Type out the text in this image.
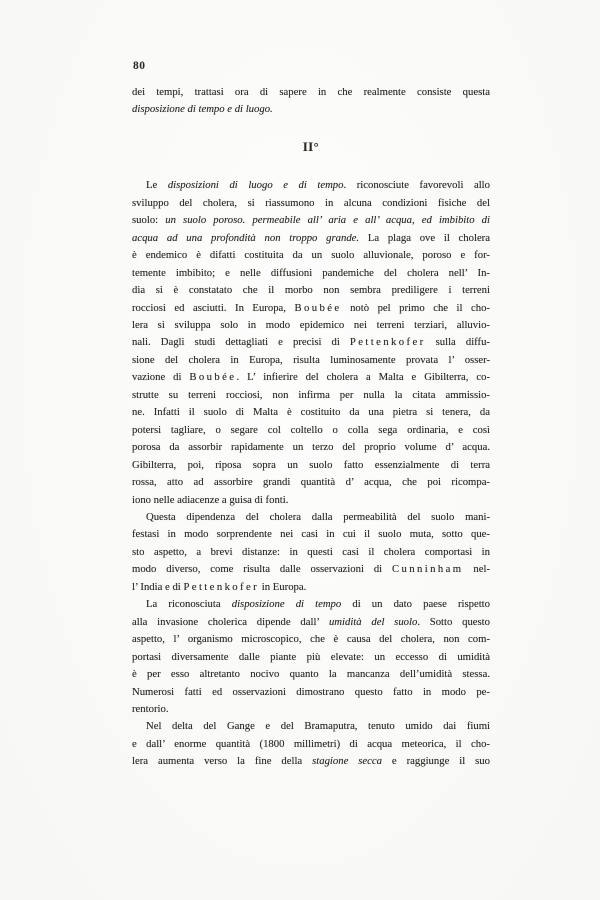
80
dei tempi, trattasi ora di sapere in che realmente consiste questa
disposizione di tempo e di luogo.
II°
Le disposizioni di luogo e di tempo. riconosciute favorevoli allo
sviluppo del cholera, si riassumono in alcuna condizioni fisiche del
suolo: un suolo poroso. permeabile all’ aria e all’ acqua, ed imbibito di
acqua ad una profondità non troppo grande. La plaga ove il cholera
è endemico è difatti costituita da un suolo alluvionale, poroso e for-
temente imbibito; e nelle diffusioni pandemiche del cholera nell’ In-
dia si è constatato che il morbo non sembra prediligere i terreni
rocciosi ed asciutti. In Europa, Boubée notò pel primo che il cho-
lera si sviluppa solo in modo epidemico nei terreni terziari, alluvio-
nali. Dagli studi dettagliati e precisi di Pettenkofer sulla diffu-
sione del cholera in Europa, risulta luminosamente provata l’ osser-
vazione di Boubée. L’ infierire del cholera a Malta e Gibilterra, co-
strutte su terreni rocciosi, non infirma per nulla la citata ammissio-
ne. Infatti il suolo di Malta è costituito da una pietra si tenera, da
potersi tagliare, o segare col coltello o colla sega ordinaria, e così
porosa da assorbir rapidamente un terzo del proprio volume d’ acqua.
Gibilterra, poi, riposa sopra un suolo fatto essenzialmente di terra
rossa, atto ad assorbire grandi quantità d’ acqua, che poi ricompa-
iono nelle adiacenze a guisa di fonti.
Questa dipendenza del cholera dalla permeabilità del suolo mani-
festasi in modo sorprendente nei casi in cui il suolo muta, sotto que-
sto aspetto, a brevi distanze: in questi casi il cholera comportasi in
modo diverso, come risulta dalle osservazioni di Cunninham nel-
l’ India e di Pettenkofer in Europa.
La riconosciuta disposizione di tempo di un dato paese rispetto
alla invasione cholerica dipende dall’ umidità del suolo. Sotto questo
aspetto, l’ organismo microscopico, che è causa del cholera, non com-
portasi diversamente dalle piante più elevate: un eccesso di umidità
è per esso altretanto nocivo quanto la mancanza dell’umidità stessa.
Numerosi fatti ed osservazioni dimostrano questo fatto in modo pe-
rentorio.
Nel delta del Gange e del Bramaputra, tenuto umido dai fiumi
e dall’ enorme quantità (1800 millimetri) di acqua meteorica, il cho-
lera aumenta verso la fine della stagione secca e raggiunge il suo
